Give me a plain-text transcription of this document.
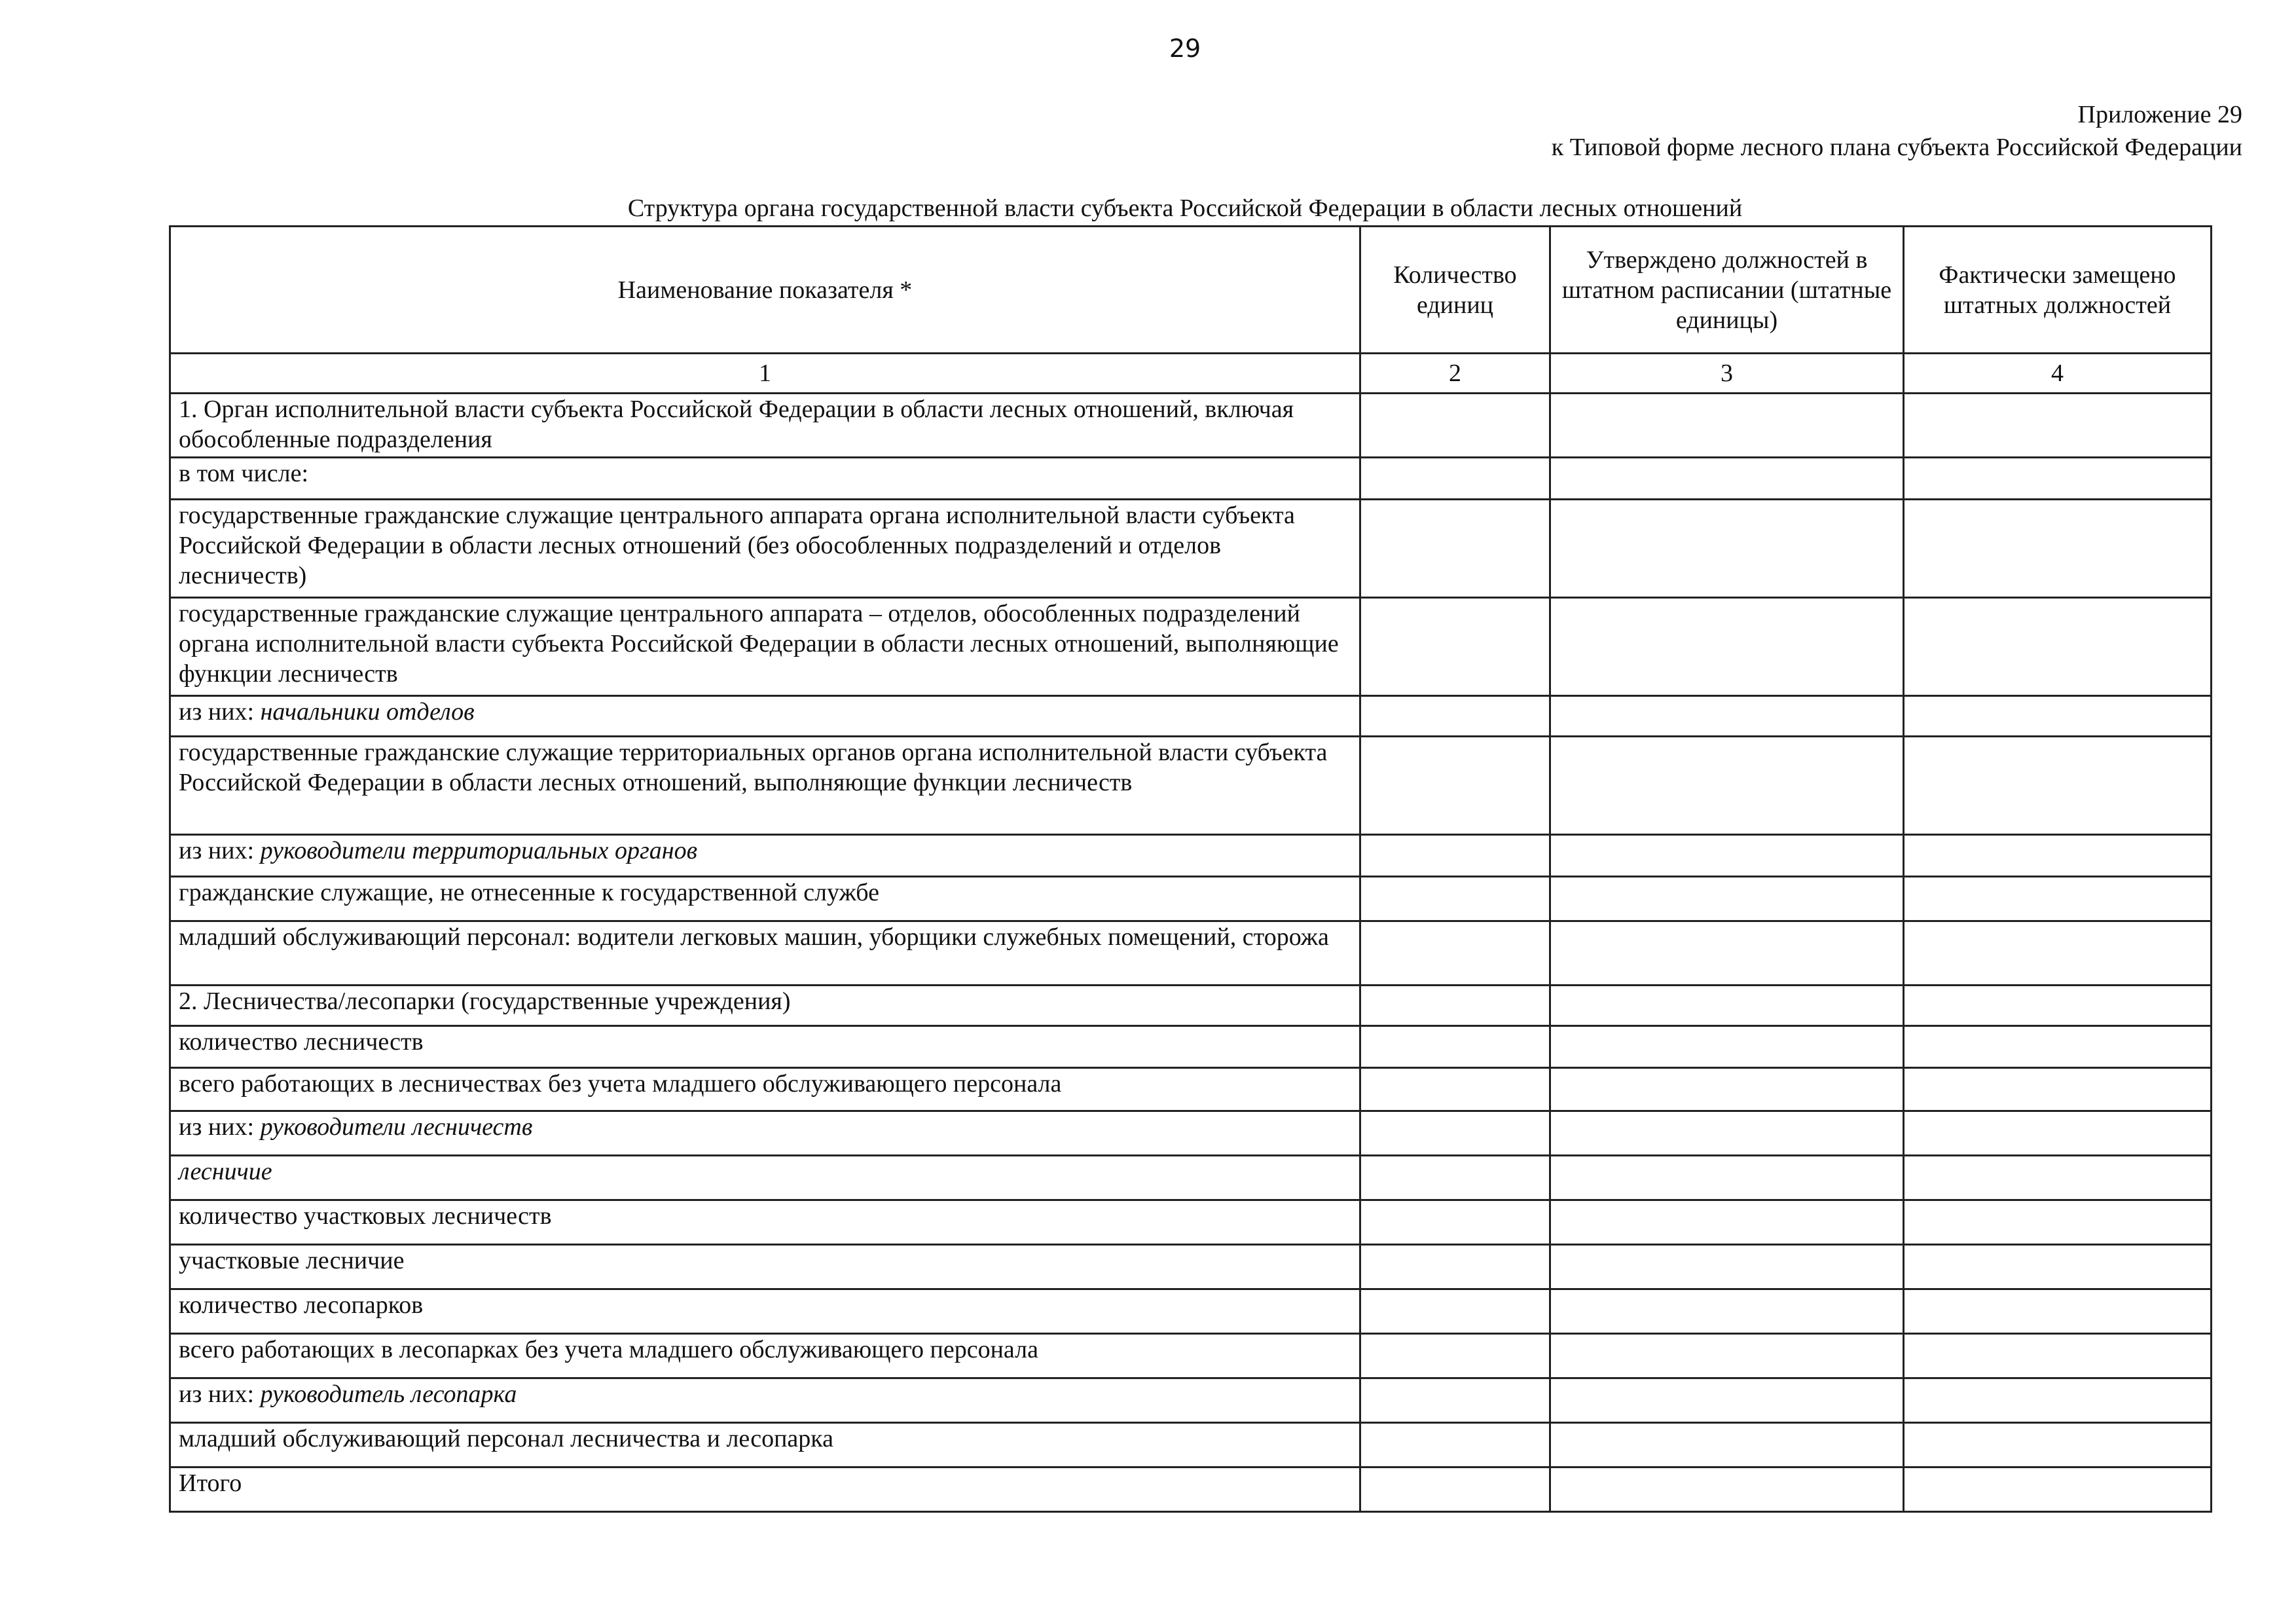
29
Приложение 29
к Типовой форме лесного плана субъекта Российской Федерации
Структура органа государственной власти субъекта Российской Федерации в области лесных отношений
Наименование показателя *	Количество единиц	Утверждено должностей в штатном расписании (штатные единицы)	Фактически замещено штатных должностей
1	2	3	4
1. Орган исполнительной власти субъекта Российской Федерации в области лесных отношений, включая обособленные подразделения			
в том числе:			
государственные гражданские служащие центрального аппарата органа исполнительной власти субъекта Российской Федерации в области лесных отношений (без обособленных подразделений и отделов лесничеств)			
государственные гражданские служащие центрального аппарата – отделов, обособленных подразделений органа исполнительной власти субъекта Российской Федерации в области лесных отношений, выполняющие функции лесничеств			
из них: начальники отделов			
государственные гражданские служащие территориальных органов органа исполнительной власти субъекта Российской Федерации в области лесных отношений, выполняющие функции лесничеств			
из них: руководители территориальных органов			
гражданские служащие, не отнесенные к государственной службе			
младший обслуживающий персонал: водители легковых машин, уборщики служебных помещений, сторожа			
2. Лесничества/лесопарки (государственные учреждения)			
количество лесничеств			
всего работающих в лесничествах без учета младшего обслуживающего персонала			
из них: руководители лесничеств			
лесничие			
количество участковых лесничеств			
участковые лесничие			
количество лесопарков			
всего работающих в лесопарках без учета младшего обслуживающего персонала			
из них: руководитель лесопарка			
младший обслуживающий персонал лесничества и лесопарка			
Итого			
